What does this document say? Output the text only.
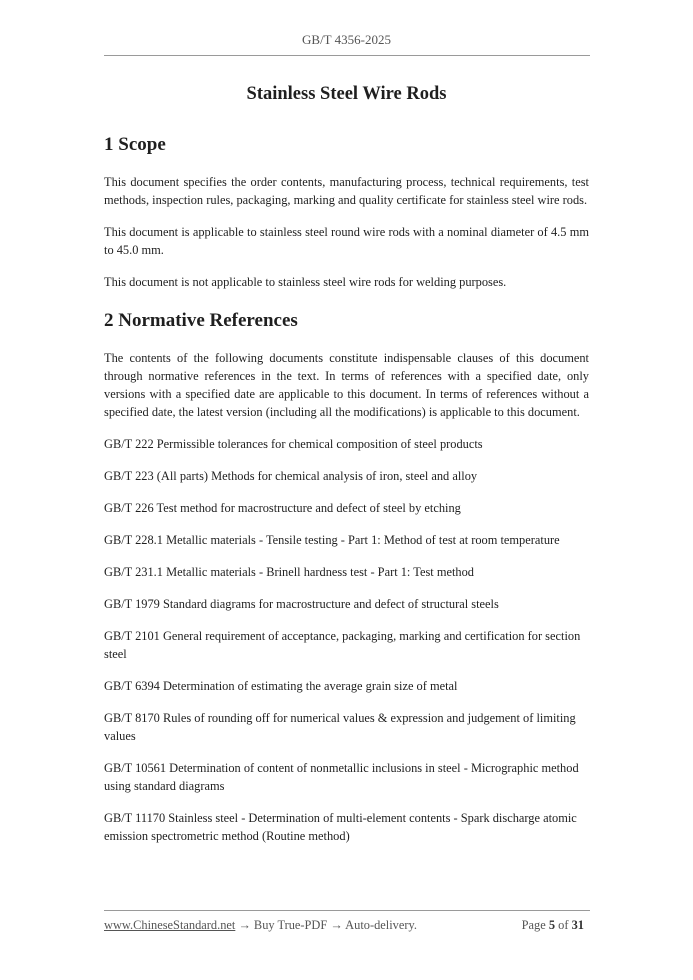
GB/T 4356-2025
Stainless Steel Wire Rods
1 Scope

This document specifies the order contents, manufacturing process, technical requirements, test methods, inspection rules, packaging, marking and quality certificate for stainless steel wire rods.

This document is applicable to stainless steel round wire rods with a nominal diameter of 4.5 mm to 45.0 mm.

This document is not applicable to stainless steel wire rods for welding purposes.

2 Normative References

The contents of the following documents constitute indispensable clauses of this document through normative references in the text. In terms of references with a specified date, only versions with a specified date are applicable to this document. In terms of references without a specified date, the latest version (including all the modifications) is applicable to this document.

GB/T 222 Permissible tolerances for chemical composition of steel products

GB/T 223 (All parts) Methods for chemical analysis of iron, steel and alloy

GB/T 226 Test method for macrostructure and defect of steel by etching

GB/T 228.1 Metallic materials - Tensile testing - Part 1: Method of test at room temperature

GB/T 231.1 Metallic materials - Brinell hardness test - Part 1: Test method

GB/T 1979 Standard diagrams for macrostructure and defect of structural steels

GB/T 2101 General requirement of acceptance, packaging, marking and certification for section steel

GB/T 6394 Determination of estimating the average grain size of metal

GB/T 8170 Rules of rounding off for numerical values & expression and judgement of limiting values

GB/T 10561 Determination of content of nonmetallic inclusions in steel - Micrographic method using standard diagrams

GB/T 11170 Stainless steel - Determination of multi-element contents - Spark discharge atomic emission spectrometric method (Routine method)

www.ChineseStandard.net → Buy True-PDF → Auto-delivery.	Page 5 of 31
